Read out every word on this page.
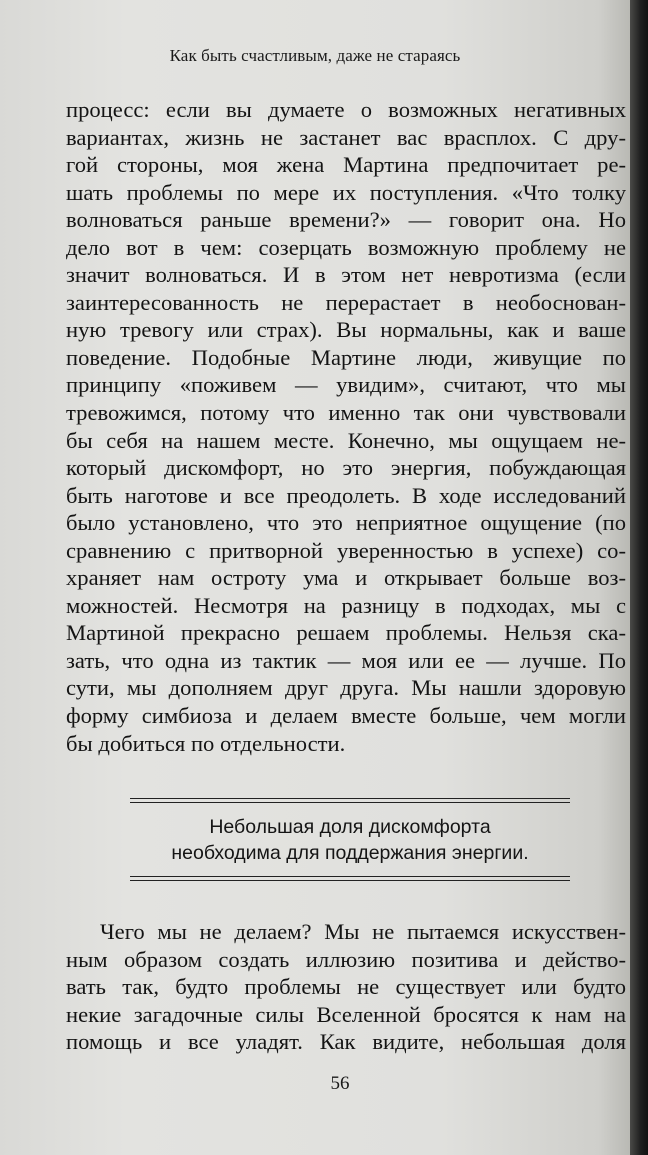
Как быть счастливым, даже не стараясь
процесс: если вы думаете о возможных негативных
вариантах, жизнь не застанет вас врасплох. С дру-
гой стороны, моя жена Мартина предпочитает ре-
шать проблемы по мере их поступления. «Что толку
волноваться раньше времени?» — говорит она. Но
дело вот в чем: созерцать возможную проблему не
значит волноваться. И в этом нет невротизма (если
заинтересованность не перерастает в необоснован-
ную тревогу или страх). Вы нормальны, как и ваше
поведение. Подобные Мартине люди, живущие по
принципу «поживем — увидим», считают, что мы
тревожимся, потому что именно так они чувствовали
бы себя на нашем месте. Конечно, мы ощущаем не-
который дискомфорт, но это энергия, побуждающая
быть наготове и все преодолеть. В ходе исследований
было установлено, что это неприятное ощущение (по
сравнению с притворной уверенностью в успехе) со-
храняет нам остроту ума и открывает больше воз-
можностей. Несмотря на разницу в подходах, мы с
Мартиной прекрасно решаем проблемы. Нельзя ска-
зать, что одна из тактик — моя или ее — лучше. По
сути, мы дополняем друг друга. Мы нашли здоровую
форму симбиоза и делаем вместе больше, чем могли
бы добиться по отдельности.
Небольшая доля дискомфорта
необходима для поддержания энергии.
Чего мы не делаем? Мы не пытаемся искусствен-
ным образом создать иллюзию позитива и действо-
вать так, будто проблемы не существует или будто
некие загадочные силы Вселенной бросятся к нам на
помощь и все уладят. Как видите, небольшая доля
56
